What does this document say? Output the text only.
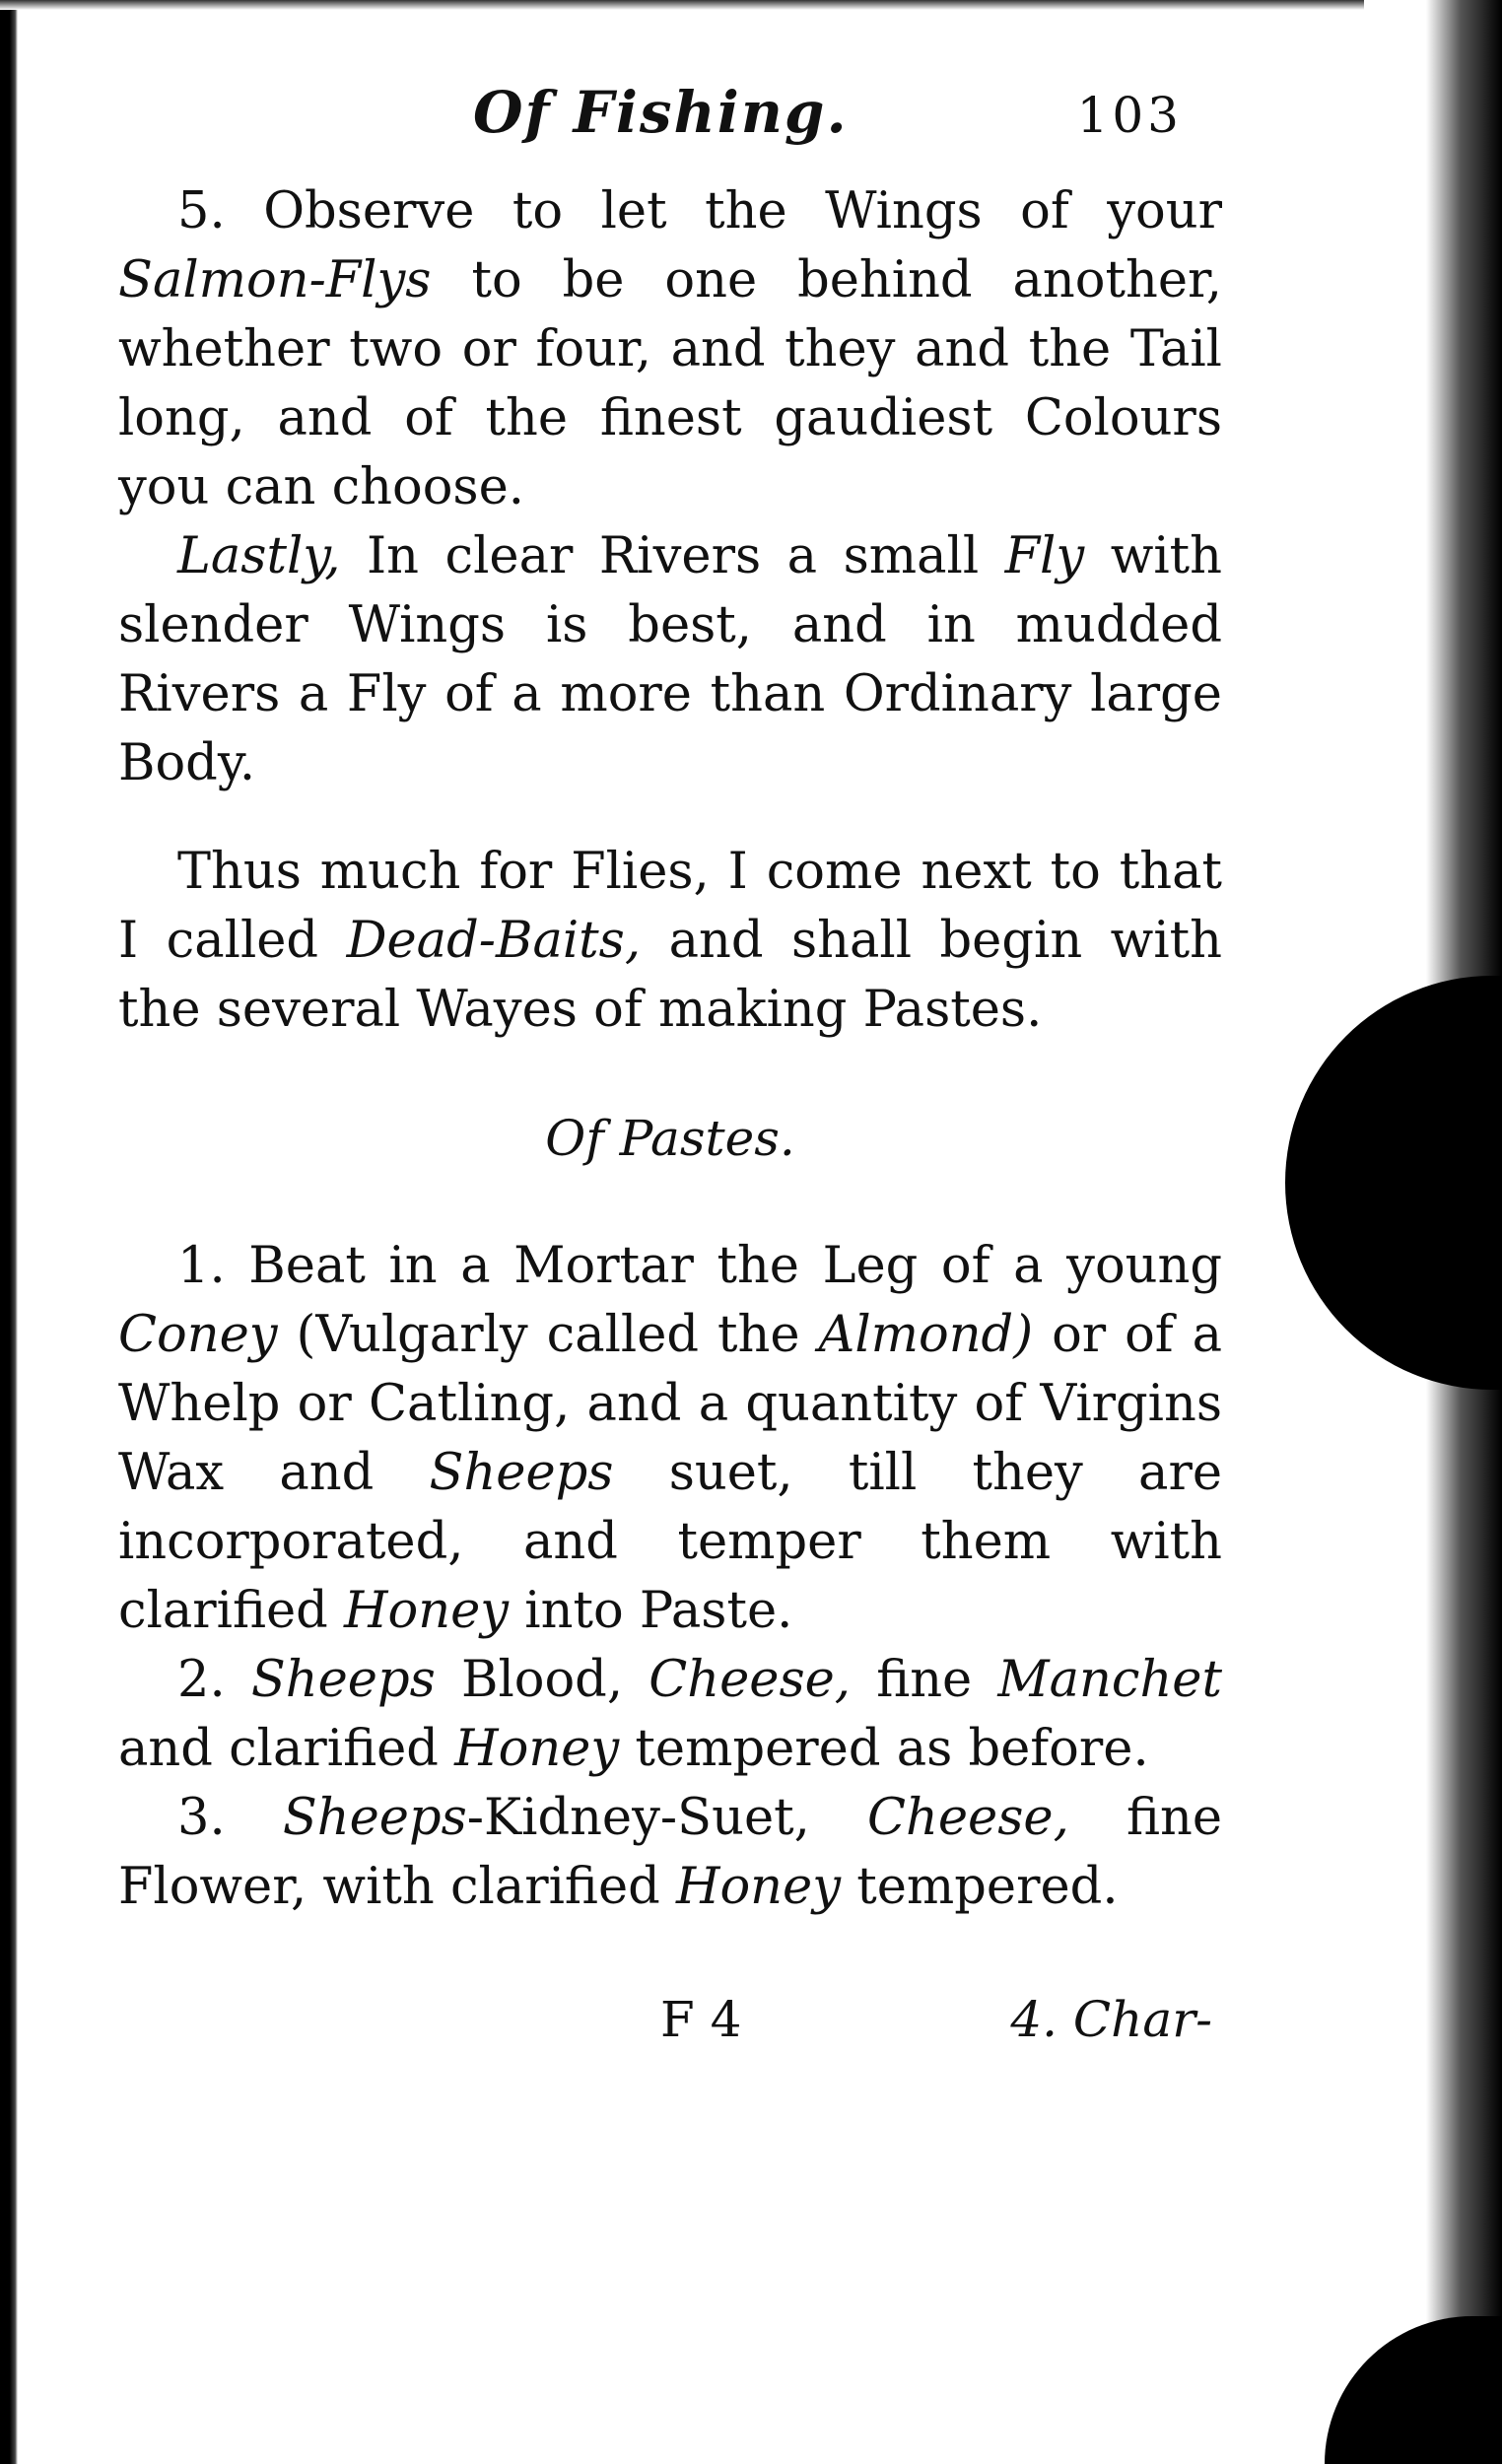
Of Fishing.	103

5. Observe to let the Wings of your Salmon-Flys to be one behind another, whether two or four, and they and the Tail long, and of the finest gaudiest Colours you can choose.

Lastly, In clear Rivers a small Fly with slender Wings is best, and in mudded Rivers a Fly of a more than Ordinary large Body.

Thus much for Flies, I come next to that I called Dead-Baits, and shall begin with the several Wayes of making Pastes.

Of Pastes.

1. Beat in a Mortar the Leg of a young Coney (Vulgarly called the Almond) or of a Whelp or Catling, and a quantity of Virgins Wax and Sheeps suet, till they are incorporated, and temper them with clarified Honey into Paste.

2. Sheeps Blood, Cheese, fine Manchet and clarified Honey tempered as before.

3. Sheeps-Kidney-Suet, Cheese, fine Flower, with clarified Honey tempered.

F 4	4. Char-
